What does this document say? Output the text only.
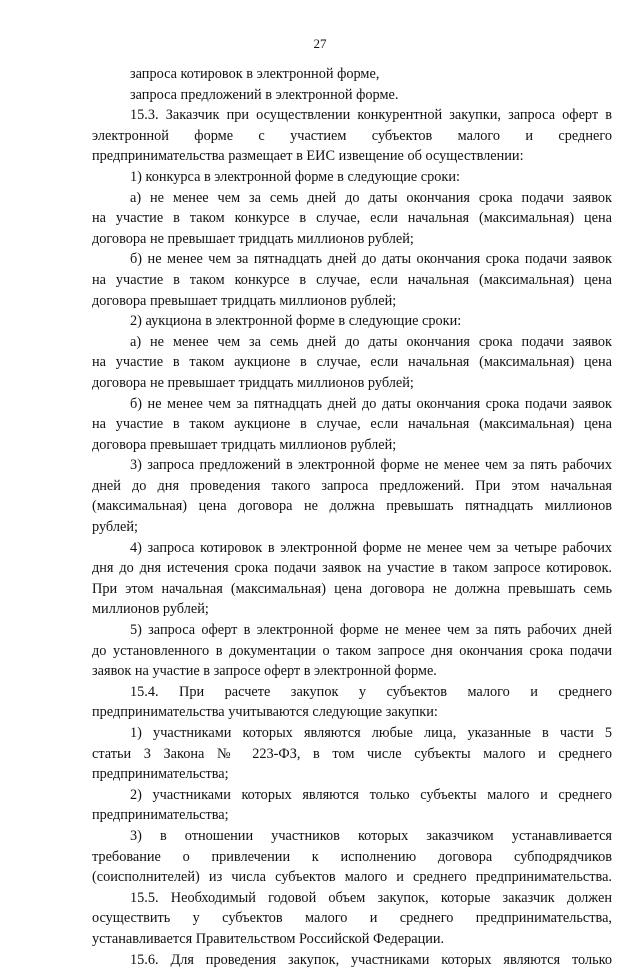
27
запроса котировок в электронной форме,
запроса предложений в электронной форме.
15.3. Заказчик при осуществлении конкурентной закупки, запроса оферт в
электронной форме с участием субъектов малого и среднего
предпринимательства размещает в ЕИС извещение об осуществлении:
1) конкурса в электронной форме в следующие сроки:
а) не менее чем за семь дней до даты окончания срока подачи заявок
на участие в таком конкурсе в случае, если начальная (максимальная) цена
договора не превышает тридцать миллионов рублей;
б) не менее чем за пятнадцать дней до даты окончания срока подачи заявок
на участие в таком конкурсе в случае, если начальная (максимальная) цена
договора превышает тридцать миллионов рублей;
2) аукциона в электронной форме в следующие сроки:
а) не менее чем за семь дней до даты окончания срока подачи заявок
на участие в таком аукционе в случае, если начальная (максимальная) цена
договора не превышает тридцать миллионов рублей;
б) не менее чем за пятнадцать дней до даты окончания срока подачи заявок
на участие в таком аукционе в случае, если начальная (максимальная) цена
договора превышает тридцать миллионов рублей;
3) запроса предложений в электронной форме не менее чем за пять рабочих
дней до дня проведения такого запроса предложений. При этом начальная
(максимальная) цена договора не должна превышать пятнадцать миллионов
рублей;
4) запроса котировок в электронной форме не менее чем за четыре рабочих
дня до дня истечения срока подачи заявок на участие в таком запросе котировок.
При этом начальная (максимальная) цена договора не должна превышать семь
миллионов рублей;
5) запроса оферт в электронной форме не менее чем за пять рабочих дней
до установленного в документации о таком запросе дня окончания срока подачи
заявок на участие в запросе оферт в электронной форме.
15.4. При расчете закупок у субъектов малого и среднего
предпринимательства учитываются следующие закупки:
1) участниками которых являются любые лица, указанные в части 5
статьи 3 Закона № 223-ФЗ, в том числе субъекты малого и среднего
предпринимательства;
2) участниками которых являются только субъекты малого и среднего
предпринимательства;
3) в отношении участников которых заказчиком устанавливается
требование о привлечении к исполнению договора субподрядчиков
(соисполнителей) из числа субъектов малого и среднего предпринимательства.
15.5. Необходимый годовой объем закупок, которые заказчик должен
осуществить у субъектов малого и среднего предпринимательства,
устанавливается Правительством Российской Федерации.
15.6. Для проведения закупок, участниками которых являются только
